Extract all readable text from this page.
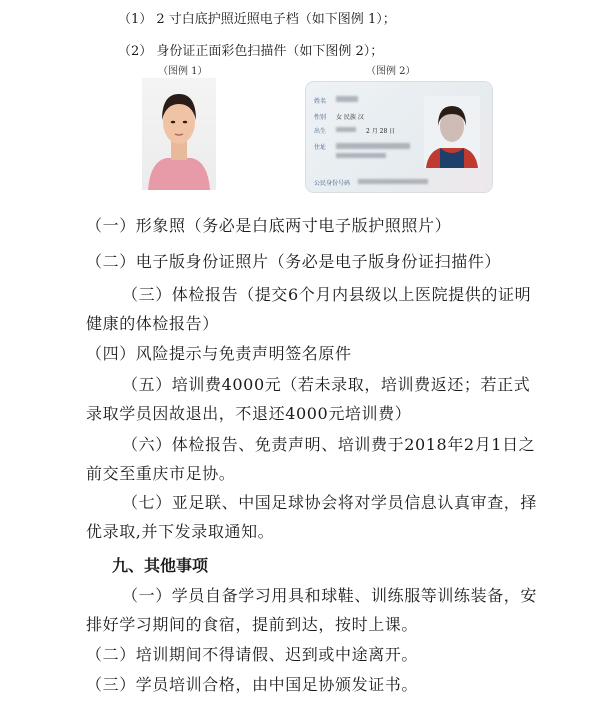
（1） 2 寸白底护照近照电子档（如下图例 1）；
（2） 身份证正面彩色扫描件（如下图例 2）；
（图例 1）	（图例 2）
姓名
性别 女 民族 汉
出生	2 月 28 日
住址
公民身份号码
（一）形象照（务必是白底两寸电子版护照照片）
（二）电子版身份证照片（务必是电子版身份证扫描件）
（三）体检报告（提交6个月内县级以上医院提供的证明健康的体检报告）
（四）风险提示与免责声明签名原件
（五）培训费4000元（若未录取，培训费返还；若正式录取学员因故退出，不退还4000元培训费）
（六）体检报告、免责声明、培训费于2018年2月1日之前交至重庆市足协。
（七）亚足联、中国足球协会将对学员信息认真审查，择优录取,并下发录取通知。
九、其他事项
（一）学员自备学习用具和球鞋、训练服等训练装备，安排好学习期间的食宿，提前到达，按时上课。
（二）培训期间不得请假、迟到或中途离开。
（三）学员培训合格，由中国足协颁发证书。
